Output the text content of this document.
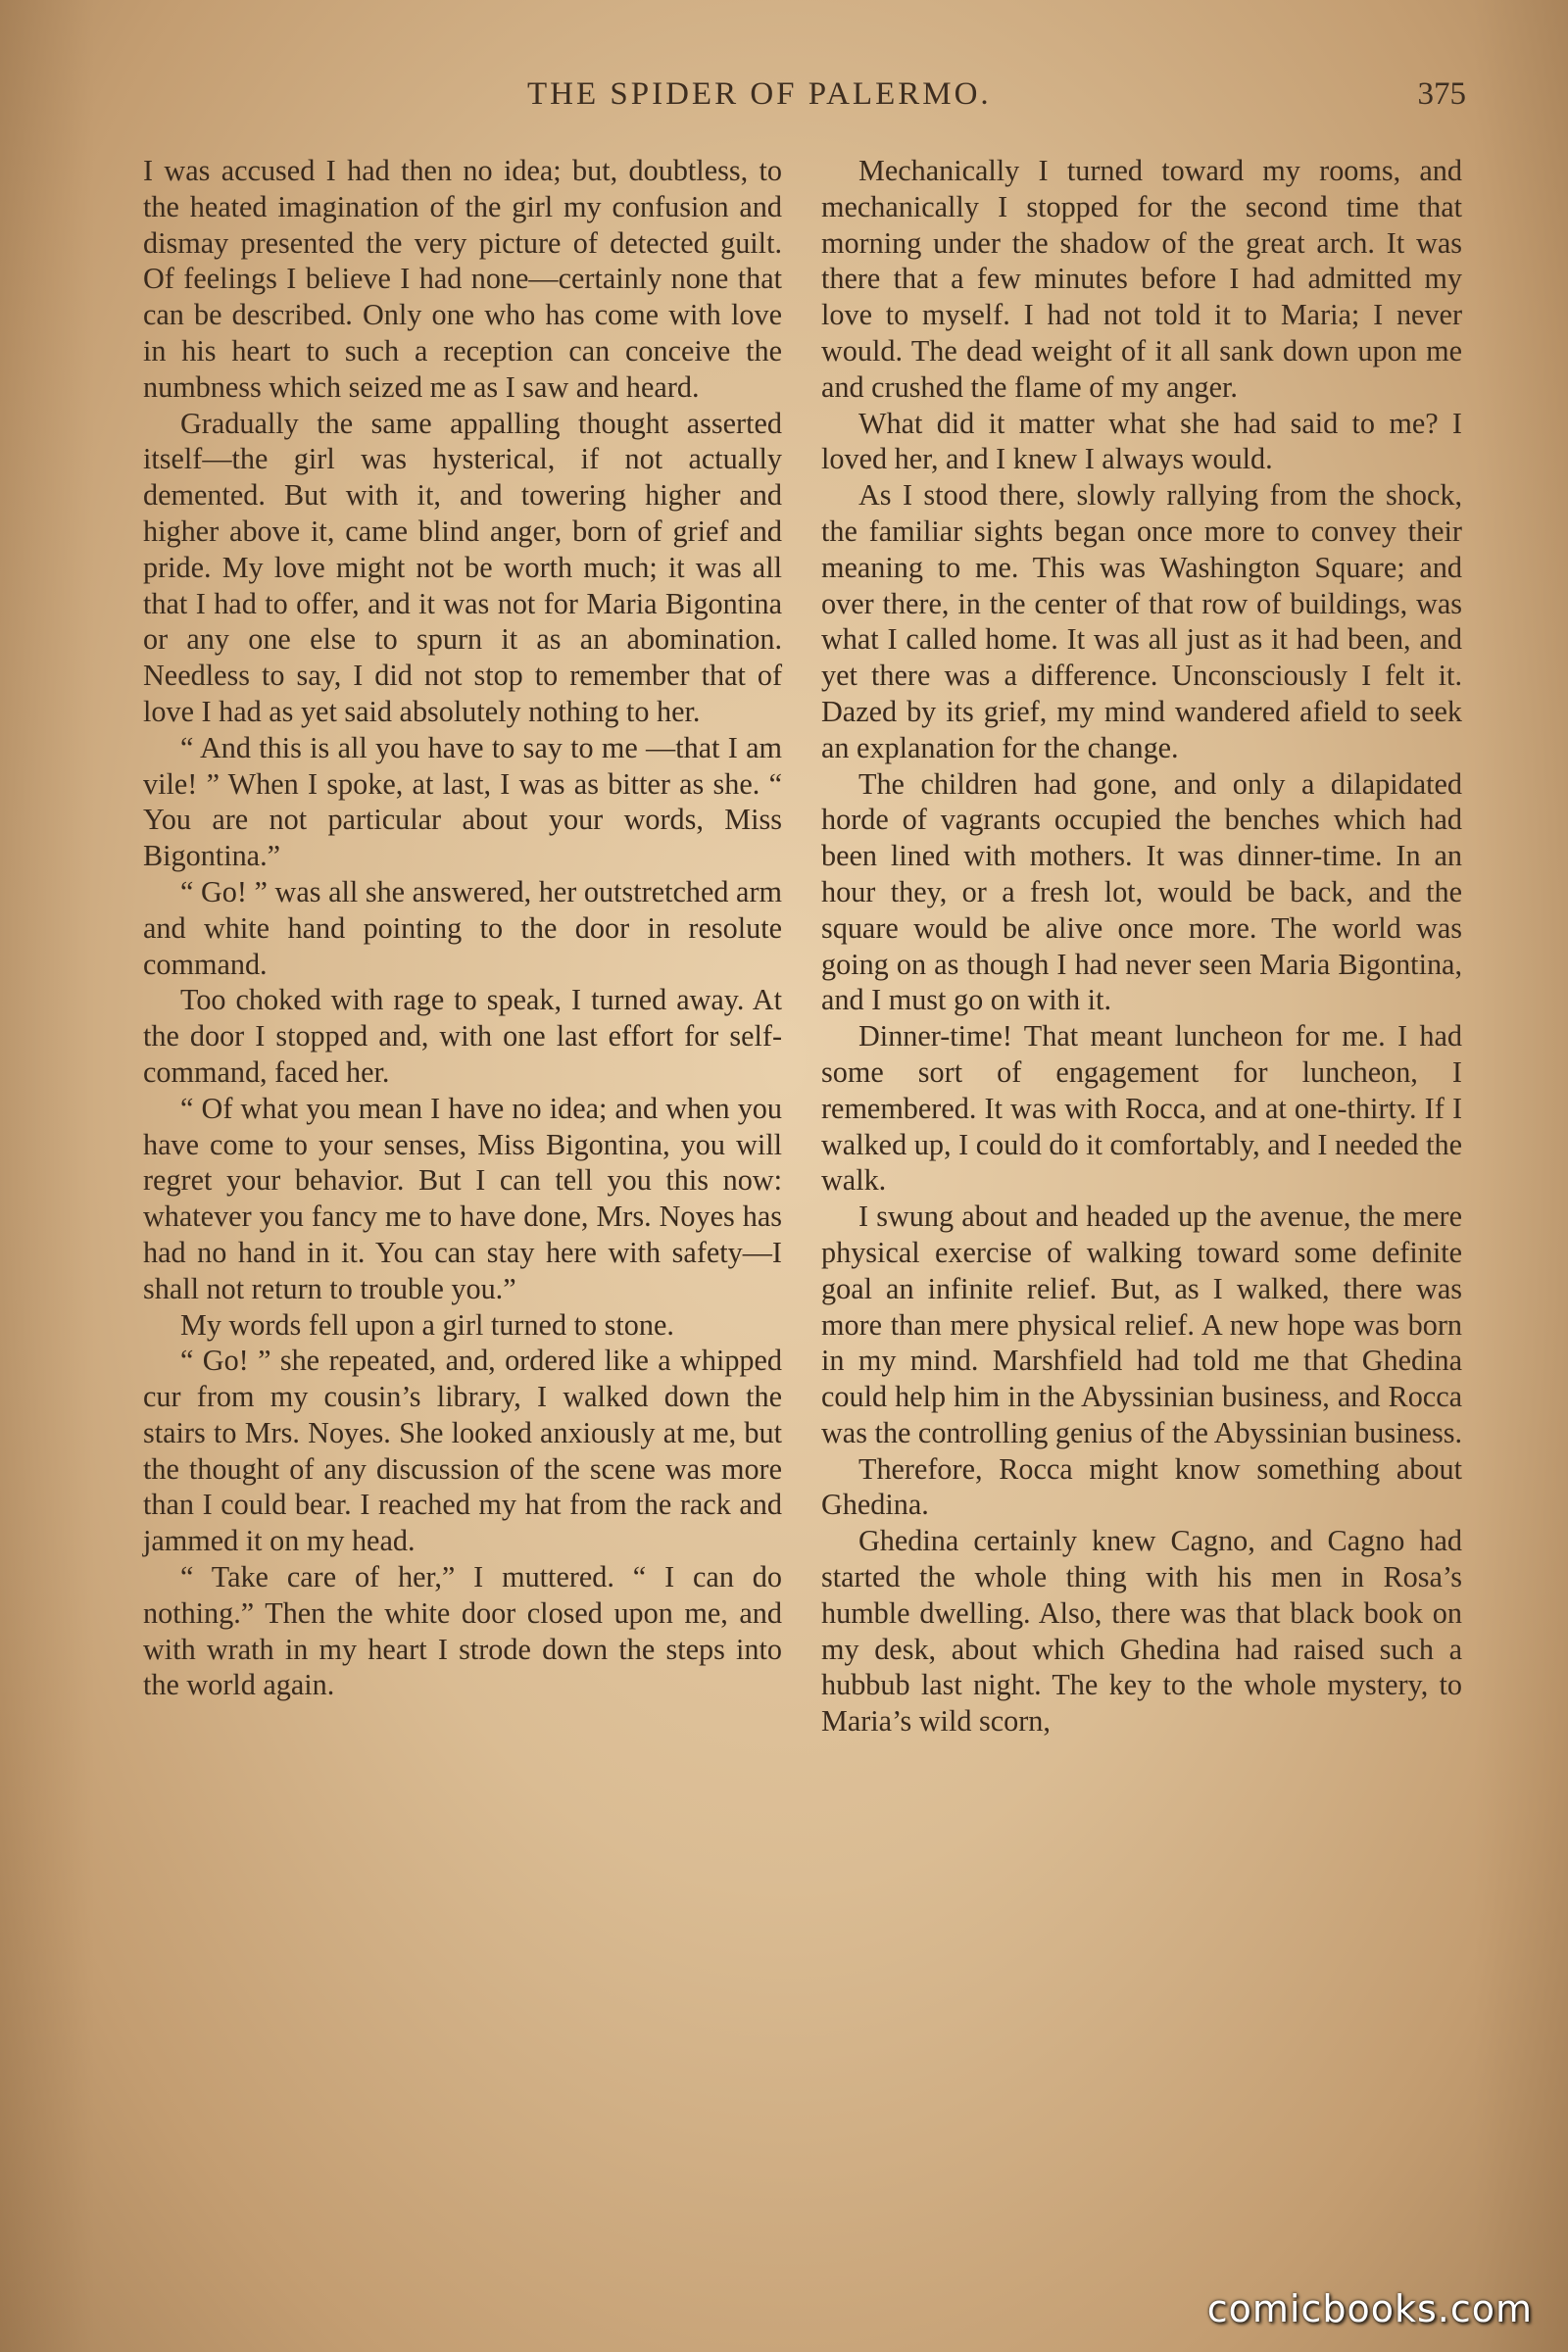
THE SPIDER OF PALERMO.	375

I was accused I had then no idea; but, doubtless, to the heated imagination of the girl my confusion and dismay presented the very picture of detected guilt. Of feelings I believe I had none—certainly none that can be described. Only one who has come with love in his heart to such a reception can conceive the numbness which seized me as I saw and heard.

Gradually the same appalling thought asserted itself—the girl was hysterical, if not actually demented. But with it, and towering higher and higher above it, came blind anger, born of grief and pride. My love might not be worth much; it was all that I had to offer, and it was not for Maria Bigontina or any one else to spurn it as an abomination. Needless to say, I did not stop to remember that of love I had as yet said absolutely nothing to her.

“ And this is all you have to say to me —that I am vile! ” When I spoke, at last, I was as bitter as she. “ You are not particular about your words, Miss Bigontina.”

“ Go! ” was all she answered, her outstretched arm and white hand pointing to the door in resolute command.

Too choked with rage to speak, I turned away. At the door I stopped and, with one last effort for self-command, faced her.

“ Of what you mean I have no idea; and when you have come to your senses, Miss Bigontina, you will regret your behavior. But I can tell you this now: whatever you fancy me to have done, Mrs. Noyes has had no hand in it. You can stay here with safety—I shall not return to trouble you.”

My words fell upon a girl turned to stone.

“ Go! ” she repeated, and, ordered like a whipped cur from my cousin’s library, I walked down the stairs to Mrs. Noyes. She looked anxiously at me, but the thought of any discussion of the scene was more than I could bear. I reached my hat from the rack and jammed it on my head.

“ Take care of her,” I muttered. “ I can do nothing.” Then the white door closed upon me, and with wrath in my heart I strode down the steps into the world again.

Mechanically I turned toward my rooms, and mechanically I stopped for the second time that morning under the shadow of the great arch. It was there that a few minutes before I had admitted my love to myself. I had not told it to Maria; I never would. The dead weight of it all sank down upon me and crushed the flame of my anger.

What did it matter what she had said to me? I loved her, and I knew I always would.

As I stood there, slowly rallying from the shock, the familiar sights began once more to convey their meaning to me. This was Washington Square; and over there, in the center of that row of buildings, was what I called home. It was all just as it had been, and yet there was a difference. Unconsciously I felt it. Dazed by its grief, my mind wandered afield to seek an explanation for the change.

The children had gone, and only a dilapidated horde of vagrants occupied the benches which had been lined with mothers. It was dinner-time. In an hour they, or a fresh lot, would be back, and the square would be alive once more. The world was going on as though I had never seen Maria Bigontina, and I must go on with it.

Dinner-time! That meant luncheon for me. I had some sort of engagement for luncheon, I remembered. It was with Rocca, and at one-thirty. If I walked up, I could do it comfortably, and I needed the walk.

I swung about and headed up the avenue, the mere physical exercise of walking toward some definite goal an infinite relief. But, as I walked, there was more than mere physical relief. A new hope was born in my mind. Marshfield had told me that Ghedina could help him in the Abyssinian business, and Rocca was the controlling genius of the Abyssinian business.

Therefore, Rocca might know something about Ghedina.

Ghedina certainly knew Cagno, and Cagno had started the whole thing with his men in Rosa’s humble dwelling. Also, there was that black book on my desk, about which Ghedina had raised such a hubbub last night. The key to the whole mystery, to Maria’s wild scorn,

comicbooks.com
